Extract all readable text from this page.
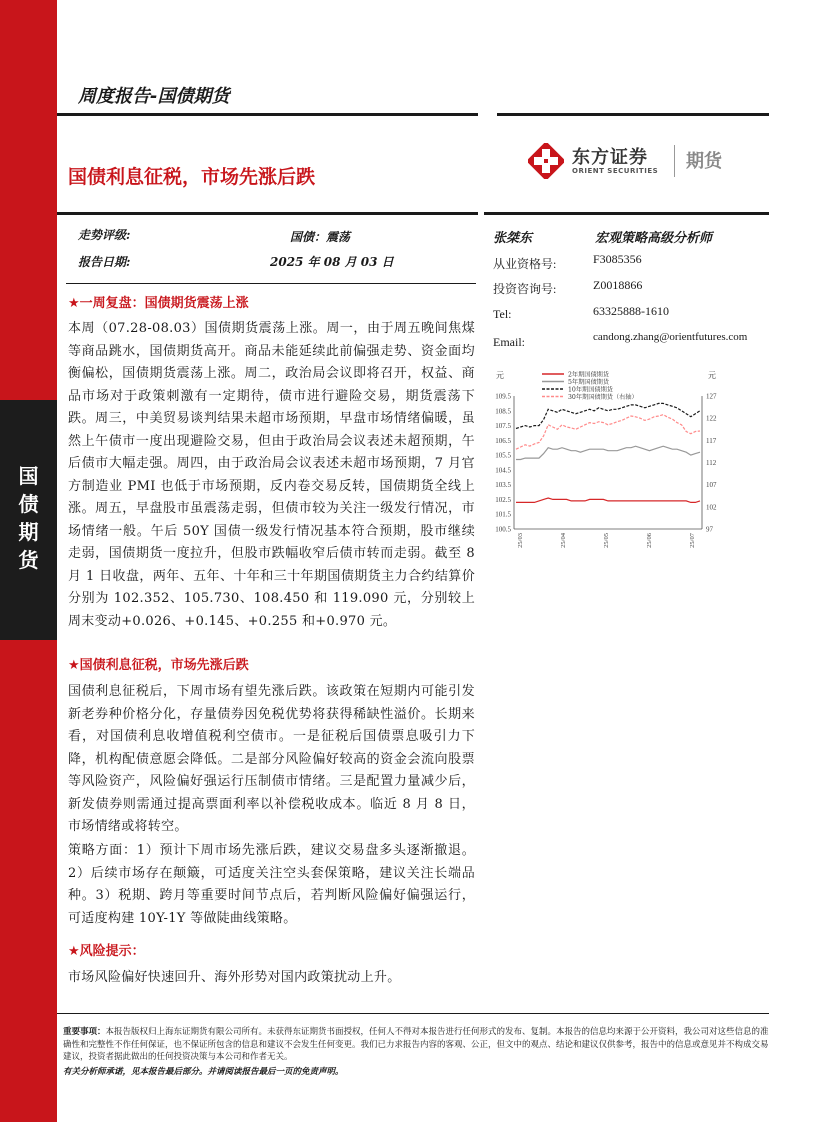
国
债
期
货
周度报告-国债期货
东方证券
ORIENT SECURITIES 期货
国债利息征税，市场先涨后跌
走势评级:	国债：震荡
报告日期:	2025 年 08 月 03 日
张桀东	宏观策略高级分析师
从业资格号:	F3085356
投资咨询号:	Z0018866
Tel:	63325888-1610
Email:	candong.zhang@orientfutures.com
元	元
109.5
108.5
107.5
106.5
105.5
104.5
103.5
102.5
101.5
100.5
127
122
117
112
107
102
97
25/03	25/04	25/05	25/06	25/07
2年期国债期货
5年期国债期货
10年期国债期货
30年期国债期货（右轴）
★一周复盘：国债期货震荡上涨
本周（07.28-08.03）国债期货震荡上涨。周一，由于周五晚间焦煤等商品跳水，国债期货高开。商品未能延续此前偏强走势、资金面均衡偏松，国债期货震荡上涨。周二，政治局会议即将召开，权益、商品市场对于政策刺激有一定期待，债市进行避险交易，期货震荡下跌。周三，中美贸易谈判结果未超市场预期，早盘市场情绪偏暖，虽然上午债市一度出现避险交易，但由于政治局会议表述未超预期，午后债市大幅走强。周四，由于政治局会议表述未超市场预期，7 月官方制造业 PMI 也低于市场预期，反内卷交易反转，国债期货全线上涨。周五，早盘股市虽震荡走弱，但债市较为关注一级发行情况，市场情绪一般。午后 50Y 国债一级发行情况基本符合预期，股市继续走弱，国债期货一度拉升，但股市跌幅收窄后债市转而走弱。截至 8 月 1 日收盘，两年、五年、十年和三十年期国债期货主力合约结算价分别为 102.352、105.730、108.450 和 119.090 元，分别较上周末变动+0.026、+0.145、+0.255 和+0.970 元。
★国债利息征税，市场先涨后跌
国债利息征税后，下周市场有望先涨后跌。该政策在短期内可能引发新老券种价格分化，存量债券因免税优势将获得稀缺性溢价。长期来看，对国债利息收增值税利空债市。一是征税后国债票息吸引力下降，机构配债意愿会降低。二是部分风险偏好较高的资金会流向股票等风险资产，风险偏好强运行压制债市情绪。三是配置力量减少后，新发债券则需通过提高票面利率以补偿税收成本。临近 8 月 8 日，市场情绪或将转空。
策略方面：1）预计下周市场先涨后跌，建议交易盘多头逐渐撤退。2）后续市场存在颠簸，可适度关注空头套保策略，建议关注长端品种。3）税期、跨月等重要时间节点后，若判断风险偏好偏强运行，可适度构建 10Y-1Y 等做陡曲线策略。
★风险提示：
市场风险偏好快速回升、海外形势对国内政策扰动上升。
重要事项：本报告版权归上海东证期货有限公司所有。未获得东证期货书面授权，任何人不得对本报告进行任何形式的发布、复制。本报告的信息均来源于公开资料，我公司对这些信息的准确性和完整性不作任何保证，也不保证所包含的信息和建议不会发生任何变更。我们已力求报告内容的客观、公正，但文中的观点、结论和建议仅供参考，报告中的信息或意见并不构成交易建议，投资者据此做出的任何投资决策与本公司和作者无关。
有关分析师承诺，见本报告最后部分。并请阅读报告最后一页的免责声明。
